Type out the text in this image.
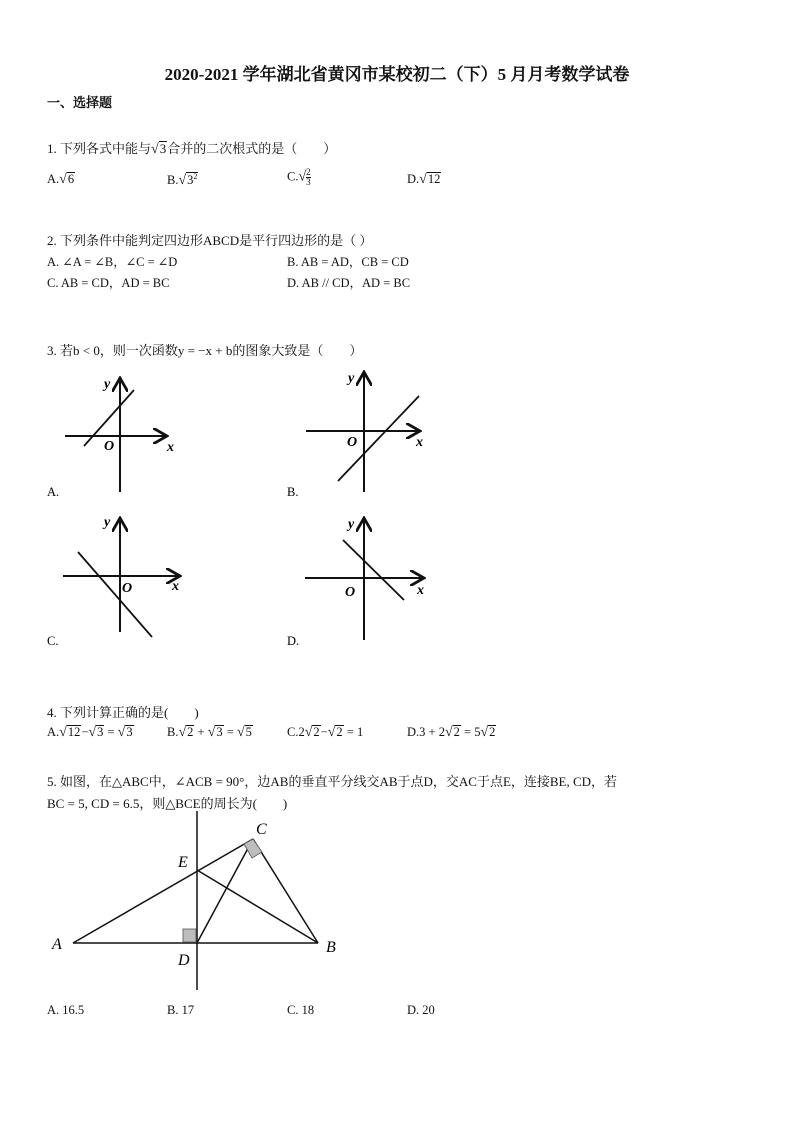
2020-2021 学年湖北省黄冈市某校初二（下）5 月月考数学试卷
一、选择题
1. 下列各式中能与√3合并的二次根式的是（　　）
A.√6	$B.√3^2$	$C.√ \frac{2}{3}$	D.√12
2. 下列条件中能判定四边形ABCD是平行四边形的是（ ）
A. ∠A = ∠B，∠C = ∠D	B. AB = AD，CB = CD
C. AB = CD，AD = BC	D. AB // CD，AD = BC
3. 若b < 0，则一次函数y = −x + b的图象大致是（　　）
y
x
O
A.
y
x
O
B.
y
x
O
C.
y
x
O
D.
4. 下列计算正确的是(　　)
A.√12−√3 = √3	B.√2 + √3 = √5	C.2√2−√2 = 1	D.3 + 2√2 = 5√2
5. 如图，在△ABC中，∠ACB = 90°，边AB的垂直平分线交AB于点D，交AC于点E，连接BE, CD，若
BC = 5, CD = 6.5，则△BCE的周长为(　　)
A	B
C
D
E
A. 16.5	B. 17	C. 18	D. 20
